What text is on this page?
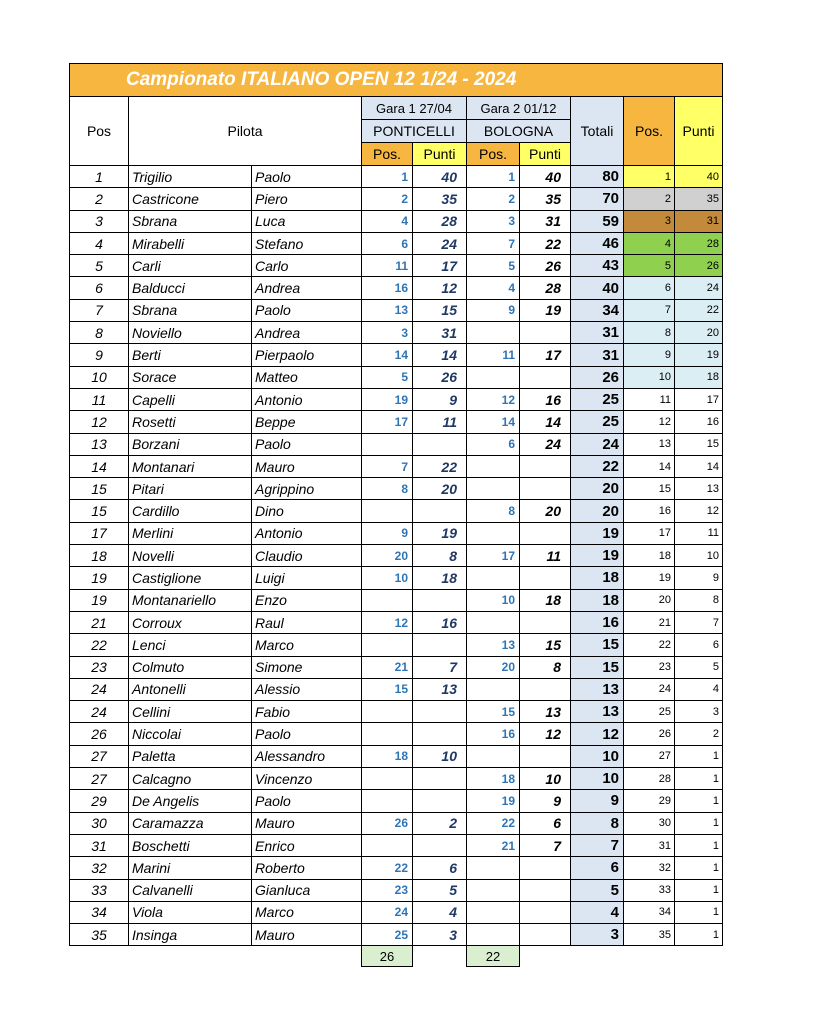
Campionato ITALIANO OPEN 12 1/24 - 2024									
Pos	Pilota		Gara 1 27/04		Gara 2 01/12		Totali	Pos.	Punti
			PONTICELLI		BOLOGNA				
			Pos.	Punti	Pos.	Punti			
1	Trigilio	Paolo	1	40	1	40	80	1	40
2	Castricone	Piero	2	35	2	35	70	2	35
3	Sbrana	Luca	4	28	3	31	59	3	31
4	Mirabelli	Stefano	6	24	7	22	46	4	28
5	Carli	Carlo	11	17	5	26	43	5	26
6	Balducci	Andrea	16	12	4	28	40	6	24
7	Sbrana	Paolo	13	15	9	19	34	7	22
8	Noviello	Andrea	3	31			31	8	20
9	Berti	Pierpaolo	14	14	11	17	31	9	19
10	Sorace	Matteo	5	26			26	10	18
11	Capelli	Antonio	19	9	12	16	25	11	17
12	Rosetti	Beppe	17	11	14	14	25	12	16
13	Borzani	Paolo			6	24	24	13	15
14	Montanari	Mauro	7	22			22	14	14
15	Pitari	Agrippino	8	20			20	15	13
15	Cardillo	Dino			8	20	20	16	12
17	Merlini	Antonio	9	19			19	17	11
18	Novelli	Claudio	20	8	17	11	19	18	10
19	Castiglione	Luigi	10	18			18	19	9
19	Montanariello	Enzo			10	18	18	20	8
21	Corroux	Raul	12	16			16	21	7
22	Lenci	Marco			13	15	15	22	6
23	Colmuto	Simone	21	7	20	8	15	23	5
24	Antonelli	Alessio	15	13			13	24	4
24	Cellini	Fabio			15	13	13	25	3
26	Niccolai	Paolo			16	12	12	26	2
27	Paletta	Alessandro	18	10			10	27	1
27	Calcagno	Vincenzo			18	10	10	28	1
29	De Angelis	Paolo			19	9	9	29	1
30	Caramazza	Mauro	26	2	22	6	8	30	1
31	Boschetti	Enrico			21	7	7	31	1
32	Marini	Roberto	22	6			6	32	1
33	Calvanelli	Gianluca	23	5			5	33	1
34	Viola	Marco	24	4			4	34	1
35	Insinga	Mauro	25	3			3	35	1
			26		22				
